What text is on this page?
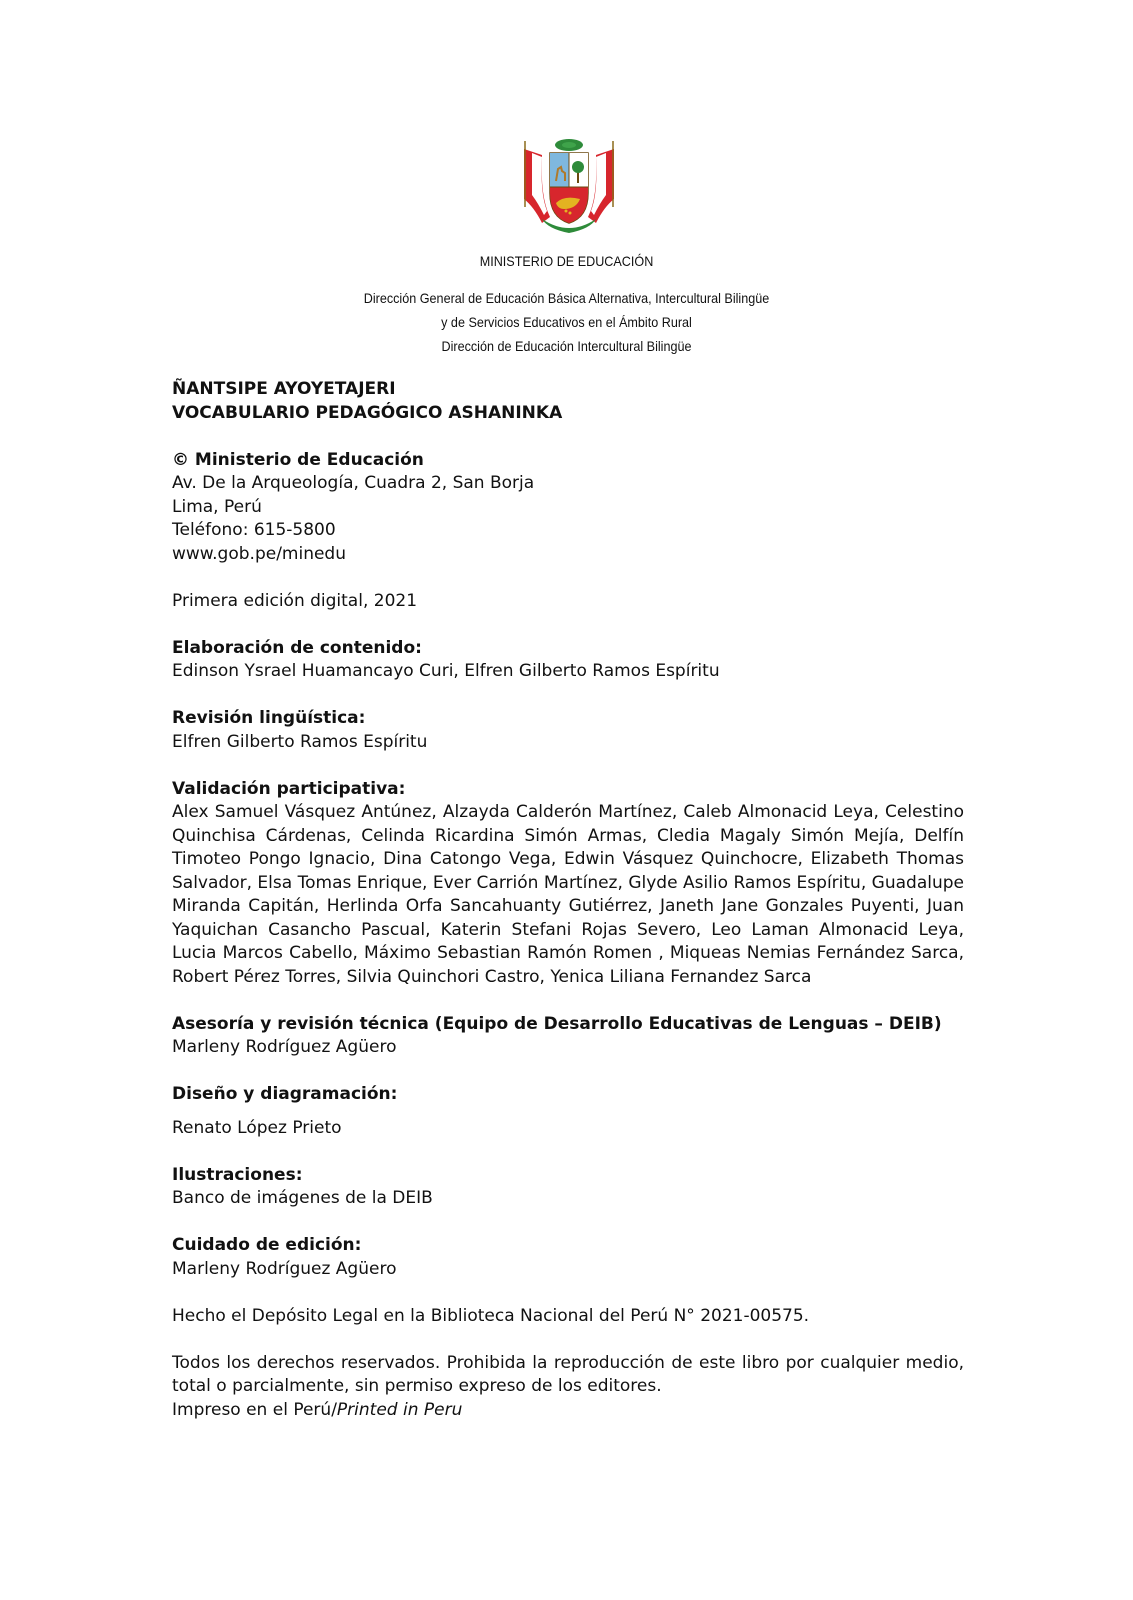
MINISTERIO DE EDUCACIÓN
Dirección General de Educación Básica Alternativa, Intercultural Bilingüe
y de Servicios Educativos en el Ámbito Rural
Dirección de Educación Intercultural Bilingüe

ÑANTSIPE AYOYETAJERI

VOCABULARIO PEDAGÓGICO ASHANINKA

© Ministerio de Educación

Av. De la Arqueología, Cuadra 2, San Borja

Lima, Perú

Teléfono: 615-5800

www.gob.pe/minedu

Primera edición digital, 2021

Elaboración de contenido:

Edinson Ysrael Huamancayo Curi, Elfren Gilberto Ramos Espíritu

Revisión lingüística:

Elfren Gilberto Ramos Espíritu

Validación participativa:

Alex Samuel Vásquez Antúnez, Alzayda Calderón Martínez, Caleb Almonacid Leya, Celestino Quinchisa Cárdenas, Celinda Ricardina Simón Armas, Cledia Magaly Simón Mejía, Delfín Timoteo Pongo Ignacio, Dina Catongo Vega, Edwin Vásquez Quinchocre, Elizabeth Thomas Salvador, Elsa Tomas Enrique, Ever Carrión Martínez, Glyde Asilio Ramos Espíritu, Guadalupe Miranda Capitán, Herlinda Orfa Sancahuanty Gutiérrez, Janeth Jane Gonzales Puyenti, Juan Yaquichan Casancho Pascual, Katerin Stefani Rojas Severo, Leo Laman Almonacid Leya, Lucia Marcos Cabello, Máximo Sebastian Ramón Romen , Miqueas Nemias Fernández Sarca, Robert Pérez Torres, Silvia Quinchori Castro, Yenica Liliana Fernandez Sarca

Asesoría y revisión técnica (Equipo de Desarrollo Educativas de Lenguas – DEIB)

Marleny Rodríguez Agüero

Diseño y diagramación:

Renato López Prieto

Ilustraciones:

Banco de imágenes de la DEIB

Cuidado de edición:

Marleny Rodríguez Agüero

Hecho el Depósito Legal en la Biblioteca Nacional del Perú N° 2021-00575.

Todos los derechos reservados. Prohibida la reproducción de este libro por cualquier medio, total o parcialmente, sin permiso expreso de los editores.

Impreso en el Perú/Printed in Peru
